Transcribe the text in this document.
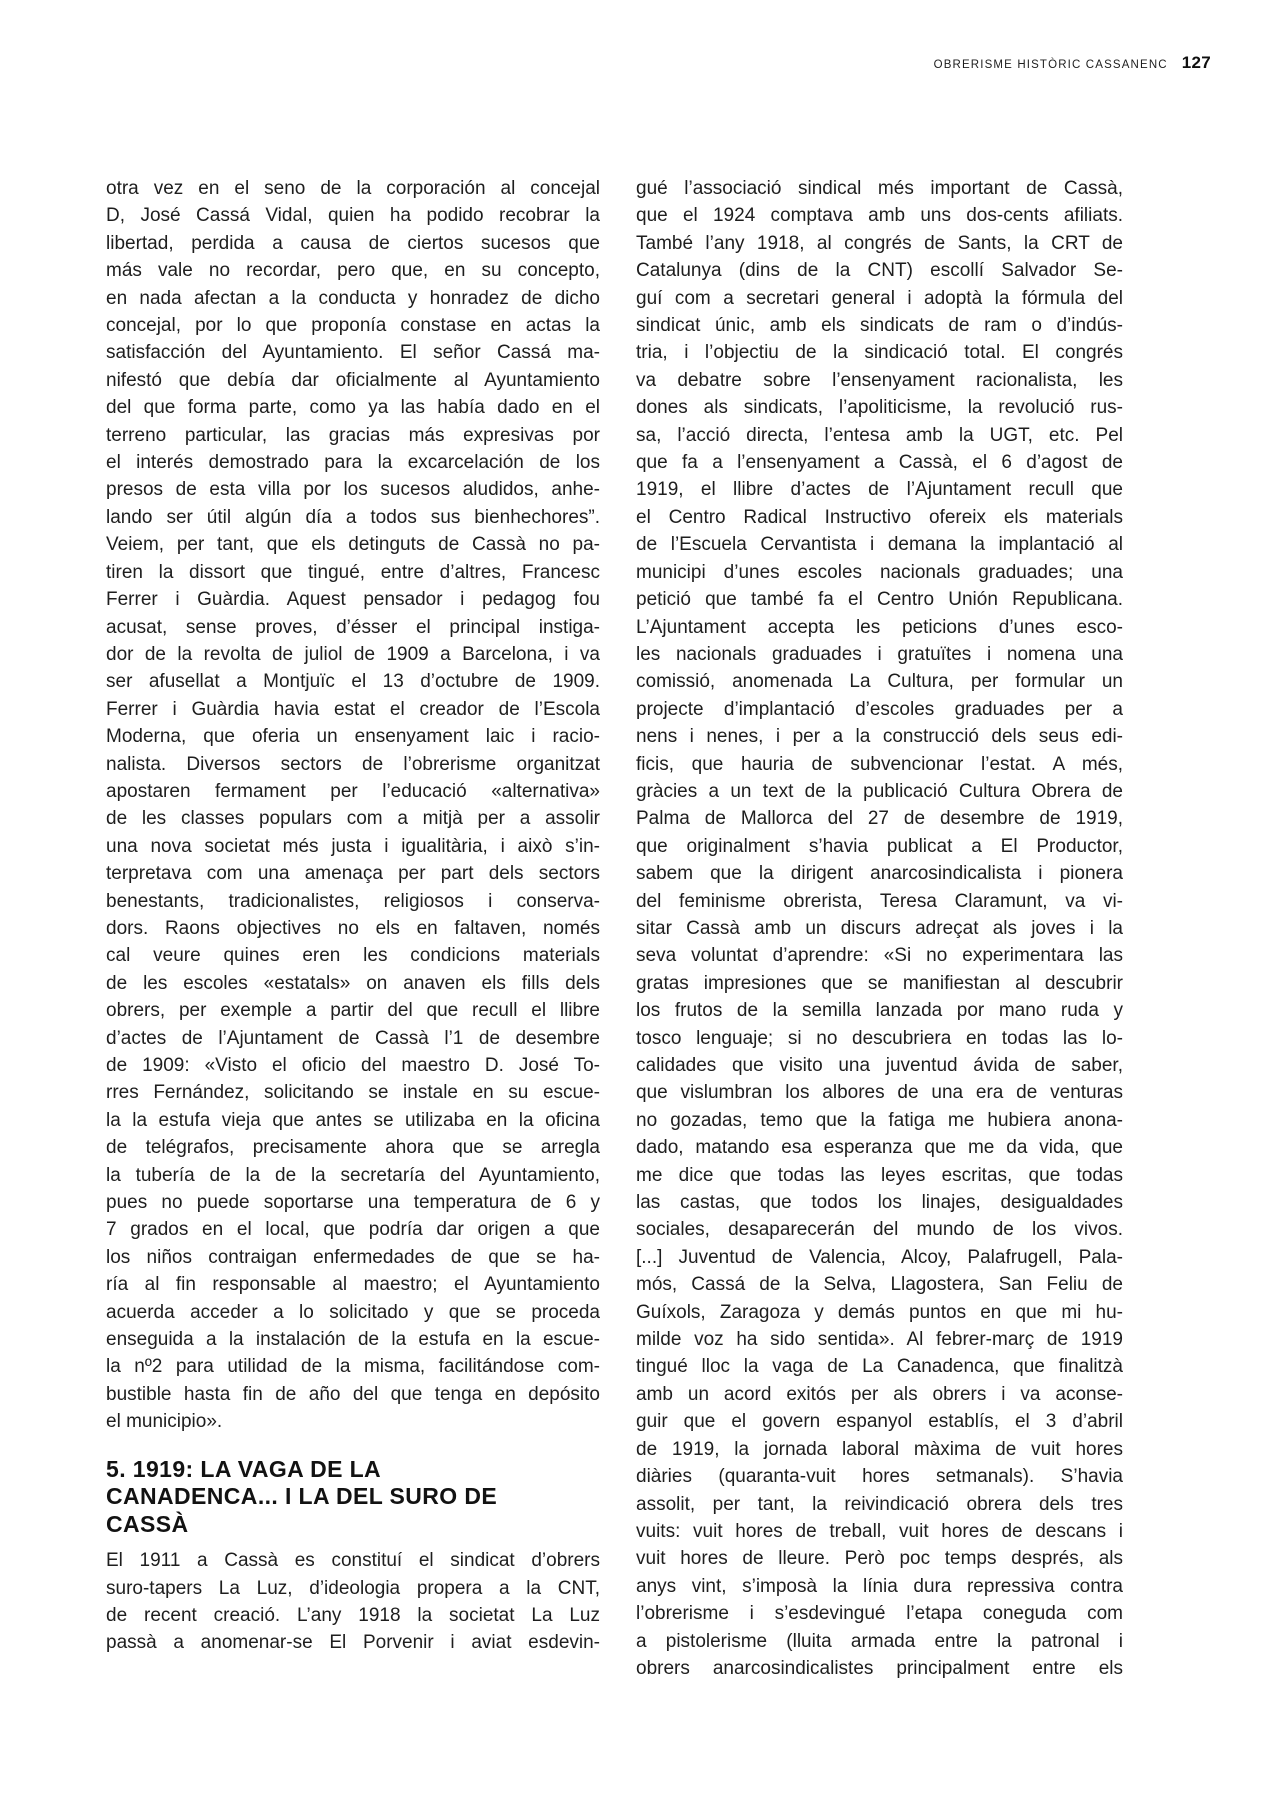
OBRERISME HISTÒRIC CASSANENC 127
otra vez en el seno de la corporación al concejal
D, José Cassá Vidal, quien ha podido recobrar la
libertad, perdida a causa de ciertos sucesos que
más vale no recordar, pero que, en su concepto,
en nada afectan a la conducta y honradez de dicho
concejal, por lo que proponía constase en actas la
satisfacción del Ayuntamiento. El señor Cassá ma-
nifestó que debía dar oficialmente al Ayuntamiento
del que forma parte, como ya las había dado en el
terreno particular, las gracias más expresivas por
el interés demostrado para la excarcelación de los
presos de esta villa por los sucesos aludidos, anhe-
lando ser útil algún día a todos sus bienhechores”.
Veiem, per tant, que els detinguts de Cassà no pa-
tiren la dissort que tingué, entre d’altres, Francesc
Ferrer i Guàrdia. Aquest pensador i pedagog fou
acusat, sense proves, d’ésser el principal instiga-
dor de la revolta de juliol de 1909 a Barcelona, i va
ser afusellat a Montjuïc el 13 d’octubre de 1909.
Ferrer i Guàrdia havia estat el creador de l’Escola
Moderna, que oferia un ensenyament laic i racio-
nalista. Diversos sectors de l’obrerisme organitzat
apostaren fermament per l’educació «alternativa»
de les classes populars com a mitjà per a assolir
una nova societat més justa i igualitària, i això s’in-
terpretava com una amenaça per part dels sectors
benestants, tradicionalistes, religiosos i conserva-
dors. Raons objectives no els en faltaven, només
cal veure quines eren les condicions materials
de les escoles «estatals» on anaven els fills dels
obrers, per exemple a partir del que recull el llibre
d’actes de l’Ajuntament de Cassà l’1 de desembre
de 1909: «Visto el oficio del maestro D. José To-
rres Fernández, solicitando se instale en su escue-
la la estufa vieja que antes se utilizaba en la oficina
de telégrafos, precisamente ahora que se arregla
la tubería de la de la secretaría del Ayuntamiento,
pues no puede soportarse una temperatura de 6 y
7 grados en el local, que podría dar origen a que
los niños contraigan enfermedades de que se ha-
ría al fin responsable al maestro; el Ayuntamiento
acuerda acceder a lo solicitado y que se proceda
enseguida a la instalación de la estufa en la escue-
la nº2 para utilidad de la misma, facilitándose com-
bustible hasta fin de año del que tenga en depósito
el municipio».
5. 1919: LA VAGA DE LA
CANADENCA... I LA DEL SURO DE
CASSÀ
El 1911 a Cassà es constituí el sindicat d’obrers
suro-tapers La Luz, d’ideologia propera a la CNT,
de recent creació. L’any 1918 la societat La Luz
passà a anomenar-se El Porvenir i aviat esdevin-
gué l’associació sindical més important de Cassà,
que el 1924 comptava amb uns dos-cents afiliats.
També l’any 1918, al congrés de Sants, la CRT de
Catalunya (dins de la CNT) escollí Salvador Se-
guí com a secretari general i adoptà la fórmula del
sindicat únic, amb els sindicats de ram o d’indús-
tria, i l’objectiu de la sindicació total. El congrés
va debatre sobre l’ensenyament racionalista, les
dones als sindicats, l’apoliticisme, la revolució rus-
sa, l’acció directa, l’entesa amb la UGT, etc. Pel
que fa a l’ensenyament a Cassà, el 6 d’agost de
1919, el llibre d’actes de l’Ajuntament recull que
el Centro Radical Instructivo ofereix els materials
de l’Escuela Cervantista i demana la implantació al
municipi d’unes escoles nacionals graduades; una
petició que també fa el Centro Unión Republicana.
L’Ajuntament accepta les peticions d’unes esco-
les nacionals graduades i gratuïtes i nomena una
comissió, anomenada La Cultura, per formular un
projecte d’implantació d’escoles graduades per a
nens i nenes, i per a la construcció dels seus edi-
ficis, que hauria de subvencionar l’estat. A més,
gràcies a un text de la publicació Cultura Obrera de
Palma de Mallorca del 27 de desembre de 1919,
que originalment s’havia publicat a El Productor,
sabem que la dirigent anarcosindicalista i pionera
del feminisme obrerista, Teresa Claramunt, va vi-
sitar Cassà amb un discurs adreçat als joves i la
seva voluntat d’aprendre: «Si no experimentara las
gratas impresiones que se manifiestan al descubrir
los frutos de la semilla lanzada por mano ruda y
tosco lenguaje; si no descubriera en todas las lo-
calidades que visito una juventud ávida de saber,
que vislumbran los albores de una era de venturas
no gozadas, temo que la fatiga me hubiera anona-
dado, matando esa esperanza que me da vida, que
me dice que todas las leyes escritas, que todas
las castas, que todos los linajes, desigualdades
sociales, desaparecerán del mundo de los vivos.
[...] Juventud de Valencia, Alcoy, Palafrugell, Pala-
mós, Cassá de la Selva, Llagostera, San Feliu de
Guíxols, Zaragoza y demás puntos en que mi hu-
milde voz ha sido sentida». Al febrer-març de 1919
tingué lloc la vaga de La Canadenca, que finalitzà
amb un acord exitós per als obrers i va aconse-
guir que el govern espanyol establís, el 3 d’abril
de 1919, la jornada laboral màxima de vuit hores
diàries (quaranta-vuit hores setmanals). S’havia
assolit, per tant, la reivindicació obrera dels tres
vuits: vuit hores de treball, vuit hores de descans i
vuit hores de lleure. Però poc temps després, als
anys vint, s’imposà la línia dura repressiva contra
l’obrerisme i s’esdevingué l’etapa coneguda com
a pistolerisme (lluita armada entre la patronal i
obrers anarcosindicalistes principalment entre els
